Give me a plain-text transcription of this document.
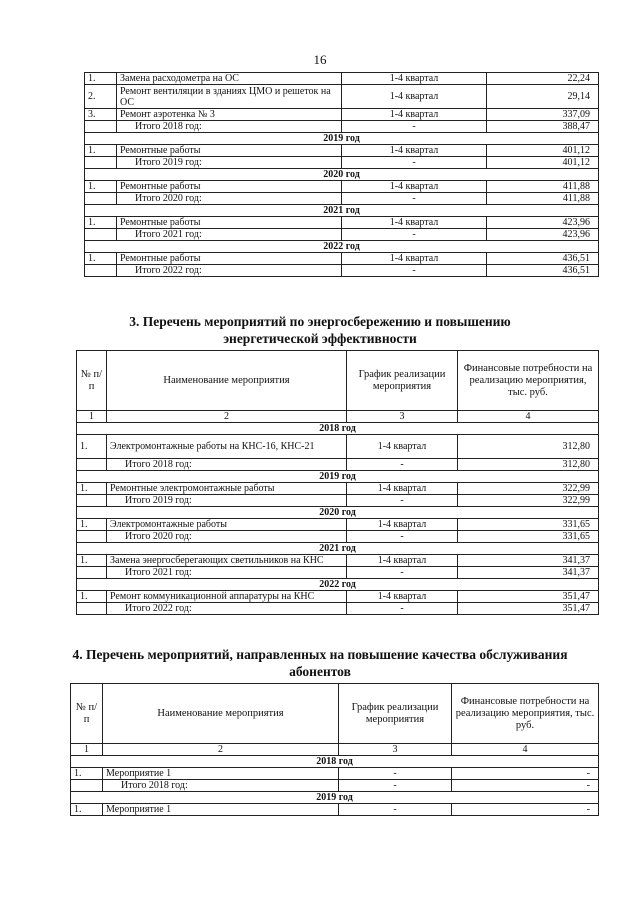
16
1.	Замена расходометра на ОС	1-4 квартал	22,24
2.	Ремонт вентиляции в зданиях ЦМО и решеток на ОС	1-4 квартал	29,14
3.	Ремонт аэротенка № 3	1-4 квартал	337,09
	Итого 2018 год:	-	388,47
2019 год			
1.	Ремонтные работы	1-4 квартал	401,12
	Итого 2019 год:	-	401,12
2020 год			
1.	Ремонтные работы	1-4 квартал	411,88
	Итого 2020 год:	-	411,88
2021 год			
1.	Ремонтные работы	1-4 квартал	423,96
	Итого 2021 год:	-	423,96
2022 год			
1.	Ремонтные работы	1-4 квартал	436,51
	Итого 2022 год:	-	436,51
3. Перечень мероприятий по энергосбережению и повышению энергетической эффективности
№ п/п	Наименование мероприятия	График реализации мероприятия	Финансовые потребности на реализацию мероприятия, тыс. руб.
1	2	3	4
2018 год			
1.	Электромонтажные работы на КНС-16, КНС-21	1-4 квартал	312,80
	Итого 2018 год:	-	312,80
2019 год			
1.	Ремонтные электромонтажные работы	1-4 квартал	322,99
	Итого 2019 год:	-	322,99
2020 год			
1.	Электромонтажные работы	1-4 квартал	331,65
	Итого 2020 год:	-	331,65
2021 год			
1.	Замена энергосберегающих светильников на КНС	1-4 квартал	341,37
	Итого 2021 год:	-	341,37
2022 год			
1.	Ремонт коммуникационной аппаратуры на КНС	1-4 квартал	351,47
	Итого 2022 год:	-	351,47
4. Перечень мероприятий, направленных на повышение качества обслуживания абонентов
№ п/п	Наименование мероприятия	График реализации мероприятия	Финансовые потребности на реализацию мероприятия, тыс. руб.
1	2	3	4
2018 год			
1.	Мероприятие 1	-	-
	Итого 2018 год:	-	-
2019 год			
1.	Мероприятие 1	-	-
